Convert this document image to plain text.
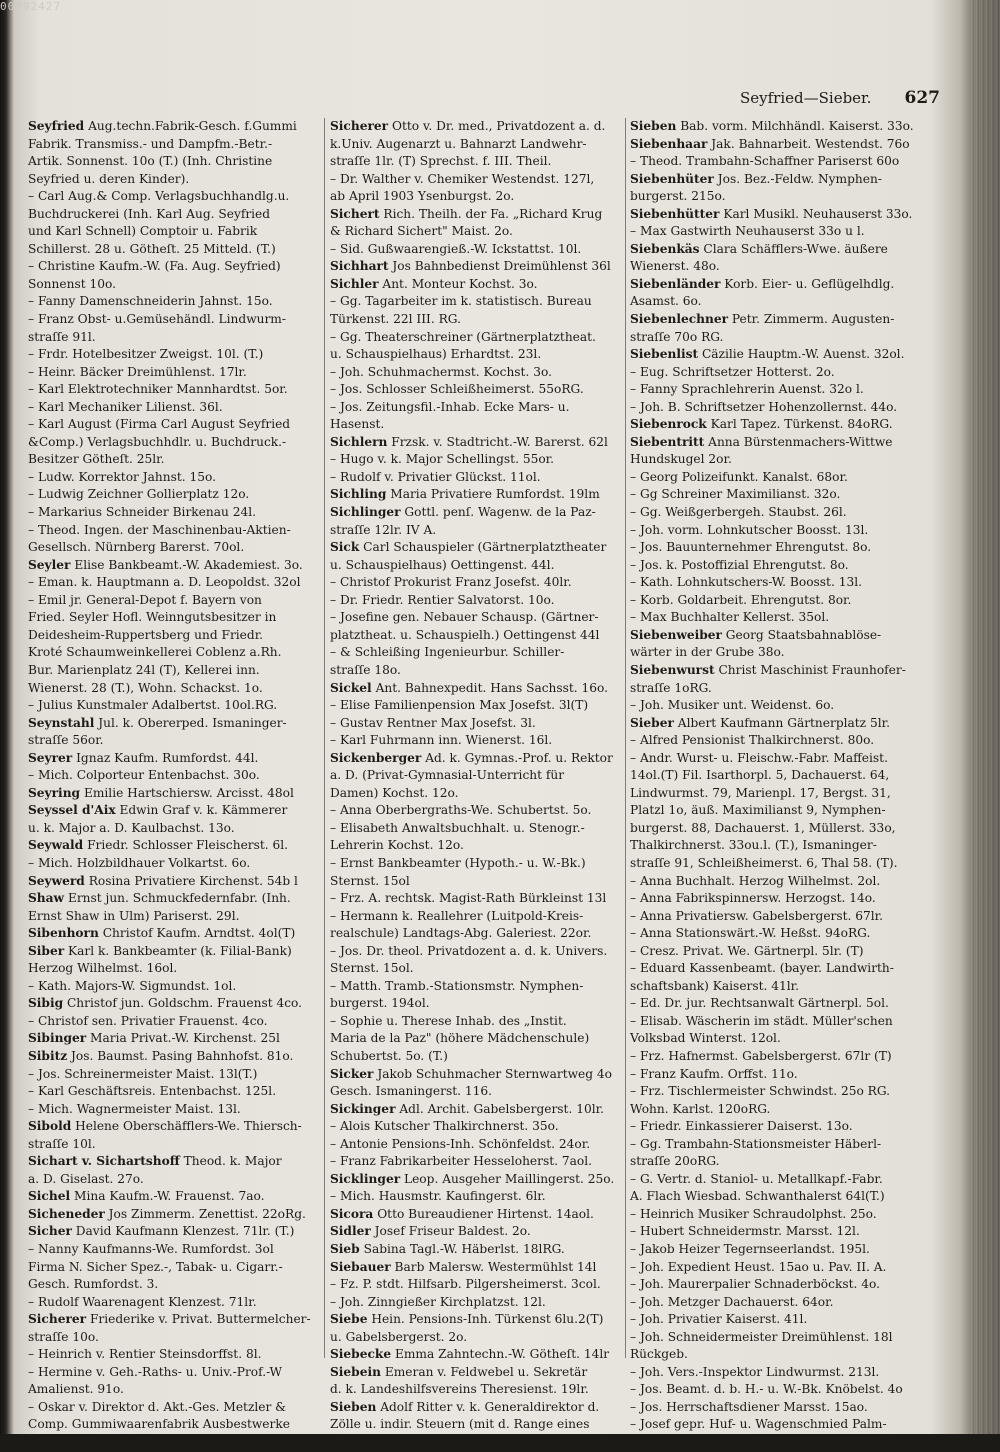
00092427
Seyfried—Sieber. 627
Seyfried Aug.techn.Fabrik-Gesch. f.Gummi
Fabrik. Transmiss.- und Dampfm.-Betr.-
Artik. Sonnenst. 10o (T.) (Inh. Christine
Seyfried u. deren Kinder).
– Carl Aug.& Comp. Verlagsbuchhandlg.u.
Buchdruckerei (Inh. Karl Aug. Seyfried
und Karl Schnell) Comptoir u. Fabrik
Schillerst. 28 u. Götheſt. 25 Mitteld. (T.)
– Christine Kaufm.-W. (Fa. Aug. Seyfried)
Sonnenst 10o.
– Fanny Damenschneiderin Jahnst. 15o.
– Franz Obst- u.Gemüsehändl. Lindwurm-
straſſe 91l.
– Frdr. Hotelbesitzer Zweigst. 10l. (T.)
– Heinr. Bäcker Dreimühlenst. 17lr.
– Karl Elektrotechniker Mannhardtst. 5or.
– Karl Mechaniker Lilienst. 36l.
– Karl August (Firma Carl August Seyfried
&Comp.) Verlagsbuchhdlr. u. Buchdruck.-
Besitzer Götheſt. 25lr.
– Ludw. Korrektor Jahnst. 15o.
– Ludwig Zeichner Gollierplatz 12o.
– Markarius Schneider Birkenau 24l.
– Theod. Ingen. der Maschinenbau-Aktien-
Gesellsch. Nürnberg Barerst. 70ol.
Seyler Elise Bankbeamt.-W. Akademiest. 3o.
– Eman. k. Hauptmann a. D. Leopoldst. 32ol
– Emil jr. General-Depot f. Bayern von
Fried. Seyler Hofl. Weinngutsbesitzer in
Deidesheim-Ruppertsberg und Friedr.
Kroté Schaumweinkellerei Coblenz a.Rh.
Bur. Marienplatz 24l (T), Kellerei inn.
Wienerst. 28 (T.), Wohn. Schackst. 1o.
– Julius Kunstmaler Adalbertst. 10ol.RG.
Seynstahl Jul. k. Obererped. Ismaninger-
straſſe 56or.
Seyrer Ignaz Kaufm. Rumfordst. 44l.
– Mich. Colporteur Entenbachst. 30o.
Seyring Emilie Hartschiersw. Arcisst. 48ol
Seyssel d'Aix Edwin Graf v. k. Kämmerer
u. k. Major a. D. Kaulbachst. 13o.
Seywald Friedr. Schlosser Fleischerst. 6l.
– Mich. Holzbildhauer Volkartst. 6o.
Seywerd Rosina Privatiere Kirchenst. 54b l
Shaw Ernst jun. Schmuckfedernfabr. (Inh.
Ernst Shaw in Ulm) Pariserst. 29l.
Sibenhorn Christof Kaufm. Arndtst. 4ol(T)
Siber Karl k. Bankbeamter (k. Filial-Bank)
Herzog Wilhelmst. 16ol.
– Kath. Majors-W. Sigmundst. 1ol.
Sibig Christof jun. Goldschm. Frauenst 4co.
– Christof sen. Privatier Frauenst. 4co.
Sibinger Maria Privat.-W. Kirchenst. 25l
Sibitz Jos. Baumst. Pasing Bahnhofst. 81o.
– Jos. Schreinermeister Maist. 13l(T.)
– Karl Geschäftsreis. Entenbachst. 125l.
– Mich. Wagnermeister Maist. 13l.
Sibold Helene Oberschäfflers-We. Thiersch-
straſſe 10l.
Sichart v. Sichartshoff Theod. k. Major
a. D. Giselast. 27o.
Sichel Mina Kaufm.-W. Frauenst. 7ao.
Sicheneder Jos Zimmerm. Zenettist. 22oRg.
Sicher David Kaufmann Klenzest. 71lr. (T.)
– Nanny Kaufmanns-We. Rumfordst. 3ol
Firma N. Sicher Spez.-, Tabak- u. Cigarr.-
Gesch. Rumfordst. 3.
– Rudolf Waarenagent Klenzest. 71lr.
Sicherer Friederike v. Privat. Buttermelcher-
straſſe 10o.
– Heinrich v. Rentier Steinsdorffst. 8l.
– Hermine v. Geh.-Raths- u. Univ.-Prof.-W
Amalienst. 91o.
– Oskar v. Direktor d. Akt.-Ges. Metzler &
Comp. Gummiwaarenfabrik Ausbestwerke
Westendst. 127o l.
Sicherer Otto v. Dr. med., Privatdozent a. d.
k.Univ. Augenarzt u. Bahnarzt Landwehr-
straſſe 1lr. (T) Sprechst. f. III. Theil.
– Dr. Walther v. Chemiker Westendst. 127l,
ab April 1903 Ysenburgst. 2o.
Sichert Rich. Theilh. der Fa. „Richard Krug
& Richard Sichert" Maist. 2o.
– Sid. Gußwaarengieß.-W. Ickstattst. 10l.
Sichhart Jos Bahnbedienst Dreimühlenst 36l
Sichler Ant. Monteur Kochst. 3o.
– Gg. Tagarbeiter im k. statistisch. Bureau
Türkenst. 22l III. RG.
– Gg. Theaterschreiner (Gärtnerplatztheat.
u. Schauspielhaus) Erhardtst. 23l.
– Joh. Schuhmachermst. Kochst. 3o.
– Jos. Schlosser Schleißheimerst. 55oRG.
– Jos. Zeitungsfil.-Inhab. Ecke Mars- u.
Hasenst.
Sichlern Frzsk. v. Stadtricht.-W. Barerst. 62l
– Hugo v. k. Major Schellingst. 55or.
– Rudolf v. Privatier Glückst. 11ol.
Sichling Maria Privatiere Rumfordst. 19lm
Sichlinger Gottl. penſ. Wagenw. de la Paz-
straſſe 12lr. IV A.
Sick Carl Schauspieler (Gärtnerplatztheater
u. Schauspielhaus) Oettingenst. 44l.
– Christof Prokurist Franz Josefst. 40lr.
– Dr. Friedr. Rentier Salvatorst. 10o.
– Josefine gen. Nebauer Schausp. (Gärtner-
platztheat. u. Schauspielh.) Oettingenst 44l
– & Schleißing Ingenieurbur. Schiller-
straſſe 18o.
Sickel Ant. Bahnexpedit. Hans Sachsst. 16o.
– Elise Familienpension Max Josefst. 3l(T)
– Gustav Rentner Max Josefst. 3l.
– Karl Fuhrmann inn. Wienerst. 16l.
Sickenberger Ad. k. Gymnas.-Prof. u. Rektor
a. D. (Privat-Gymnasial-Unterricht für
Damen) Kochst. 12o.
– Anna Oberbergraths-We. Schubertst. 5o.
– Elisabeth Anwaltsbuchhalt. u. Stenogr.-
Lehrerin Kochst. 12o.
– Ernst Bankbeamter (Hypoth.- u. W.-Bk.)
Sternst. 15ol
– Frz. A. rechtsk. Magist-Rath Bürkleinst 13l
– Hermann k. Reallehrer (Luitpold-Kreis-
realschule) Landtags-Abg. Galeriest. 22or.
– Jos. Dr. theol. Privatdozent a. d. k. Univers.
Sternst. 15ol.
– Matth. Tramb.-Stationsmstr. Nymphen-
burgerst. 194ol.
– Sophie u. Therese Inhab. des „Instit.
Maria de la Paz" (höhere Mädchenschule)
Schubertst. 5o. (T.)
Sicker Jakob Schuhmacher Sternwartweg 4o
Gesch. Ismaningerst. 116.
Sickinger Adl. Archit. Gabelsbergerst. 10lr.
– Alois Kutscher Thalkirchnerst. 35o.
– Antonie Pensions-Inh. Schönfeldst. 24or.
– Franz Fabrikarbeiter Hesseloherst. 7aol.
Sicklinger Leop. Ausgeher Maillingerst. 25o.
– Mich. Hausmstr. Kaufingerst. 6lr.
Sicora Otto Bureaudiener Hirtenst. 14aol.
Sidler Josef Friseur Baldest. 2o.
Sieb Sabina Tagl.-W. Häberlst. 18lRG.
Siebauer Barb Malersw. Westermühlst 14l
– Fz. P. stdt. Hilfsarb. Pilgersheimerst. 3col.
– Joh. Zinngießer Kirchplatzst. 12l.
Siebe Hein. Pensions-Inh. Türkenst 6lu.2(T)
u. Gabelsbergerst. 2o.
Siebecke Emma Zahntechn.-W. Götheſt. 14lr
Siebein Emeran v. Feldwebel u. Sekretär
d. k. Landeshilfsvereins Theresienst. 19lr.
Sieben Adolf Ritter v. k. Generaldirektor d.
Zölle u. indir. Steuern (mit d. Range eines
k. Ministerialdirektors) Klenzest. 42l.
Sieben Bab. vorm. Milchhändl. Kaiserst. 33o.
Siebenhaar Jak. Bahnarbeit. Westendst. 76o
– Theod. Trambahn-Schaffner Pariserst 60o
Siebenhüter Jos. Bez.-Feldw. Nymphen-
burgerst. 215o.
Siebenhütter Karl Musikl. Neuhauserst 33o.
– Max Gastwirth Neuhauserst 33o u l.
Siebenkäs Clara Schäfflers-Wwe. äußere
Wienerst. 48o.
Siebenländer Korb. Eier- u. Geflügelhdlg.
Asamst. 6o.
Siebenlechner Petr. Zimmerm. Augusten-
straſſe 70o RG.
Siebenlist Cäzilie Hauptm.-W. Auenst. 32ol.
– Eug. Schriftsetzer Hotterst. 2o.
– Fanny Sprachlehrerin Auenst. 32o l.
– Joh. B. Schriftsetzer Hohenzollernst. 44o.
Siebenrock Karl Tapez. Türkenst. 84oRG.
Siebentritt Anna Bürstenmachers-Wittwe
Hundskugel 2or.
– Georg Polizeifunkt. Kanalst. 68or.
– Gg Schreiner Maximilianst. 32o.
– Gg. Weißgerbergeh. Staubst. 26l.
– Joh. vorm. Lohnkutscher Boosst. 13l.
– Jos. Bauunternehmer Ehrengutst. 8o.
– Jos. k. Postoffizial Ehrengutst. 8o.
– Kath. Lohnkutschers-W. Boosst. 13l.
– Korb. Goldarbeit. Ehrengutst. 8or.
– Max Buchhalter Kellerst. 35ol.
Siebenweiber Georg Staatsbahnablöse-
wärter in der Grube 38o.
Siebenwurst Christ Maschinist Fraunhofer-
straſſe 1oRG.
– Joh. Musiker unt. Weidenst. 6o.
Sieber Albert Kaufmann Gärtnerplatz 5lr.
– Alfred Pensionist Thalkirchnerst. 80o.
– Andr. Wurst- u. Fleischw.-Fabr. Maffeist.
14ol.(T) Fil. Isarthorpl. 5, Dachauerst. 64,
Lindwurmst. 79, Marienpl. 17, Bergst. 31,
Platzl 1o, äuß. Maximilianst 9, Nymphen-
burgerst. 88, Dachauerst. 1, Müllerst. 33o,
Thalkirchnerst. 33ou.l. (T.), Ismaninger-
straſſe 91, Schleißheimerst. 6, Thal 58. (T).
– Anna Buchhalt. Herzog Wilhelmst. 2ol.
– Anna Fabrikspinnersw. Herzogst. 14o.
– Anna Privatiersw. Gabelsbergerst. 67lr.
– Anna Stationswärt.-W. Heßst. 94oRG.
– Cresz. Privat. We. Gärtnerpl. 5lr. (T)
– Eduard Kassenbeamt. (bayer. Landwirth-
schaftsbank) Kaiserst. 41lr.
– Ed. Dr. jur. Rechtsanwalt Gärtnerpl. 5ol.
– Elisab. Wäscherin im städt. Müller'schen
Volksbad Winterst. 12ol.
– Frz. Hafnermst. Gabelsbergerst. 67lr (T)
– Franz Kaufm. Orffst. 11o.
– Frz. Tischlermeister Schwindst. 25o RG.
Wohn. Karlst. 120oRG.
– Friedr. Einkassierer Daiserst. 13o.
– Gg. Trambahn-Stationsmeister Häberl-
straſſe 20oRG.
– G. Vertr. d. Staniol- u. Metallkapf.-Fabr.
A. Flach Wiesbad. Schwanthalerst 64l(T.)
– Heinrich Musiker Schraudolphst. 25o.
– Hubert Schneidermstr. Marsst. 12l.
– Jakob Heizer Tegernseerlandst. 195l.
– Joh. Expedient Heust. 15ao u. Pav. II. A.
– Joh. Maurerpalier Schnaderböckst. 4o.
– Joh. Metzger Dachauerst. 64or.
– Joh. Privatier Kaiserst. 41l.
– Joh. Schneidermeister Dreimühlenst. 18l
Rückgeb.
– Joh. Vers.-Inspektor Lindwurmst. 213l.
– Jos. Beamt. d. b. H.- u. W.-Bk. Knöbelst. 4o
– Jos. Herrschaftsdiener Marsst. 15ao.
– Josef gepr. Huf- u. Wagenschmied Palm-
straſſe 9or.RG.
